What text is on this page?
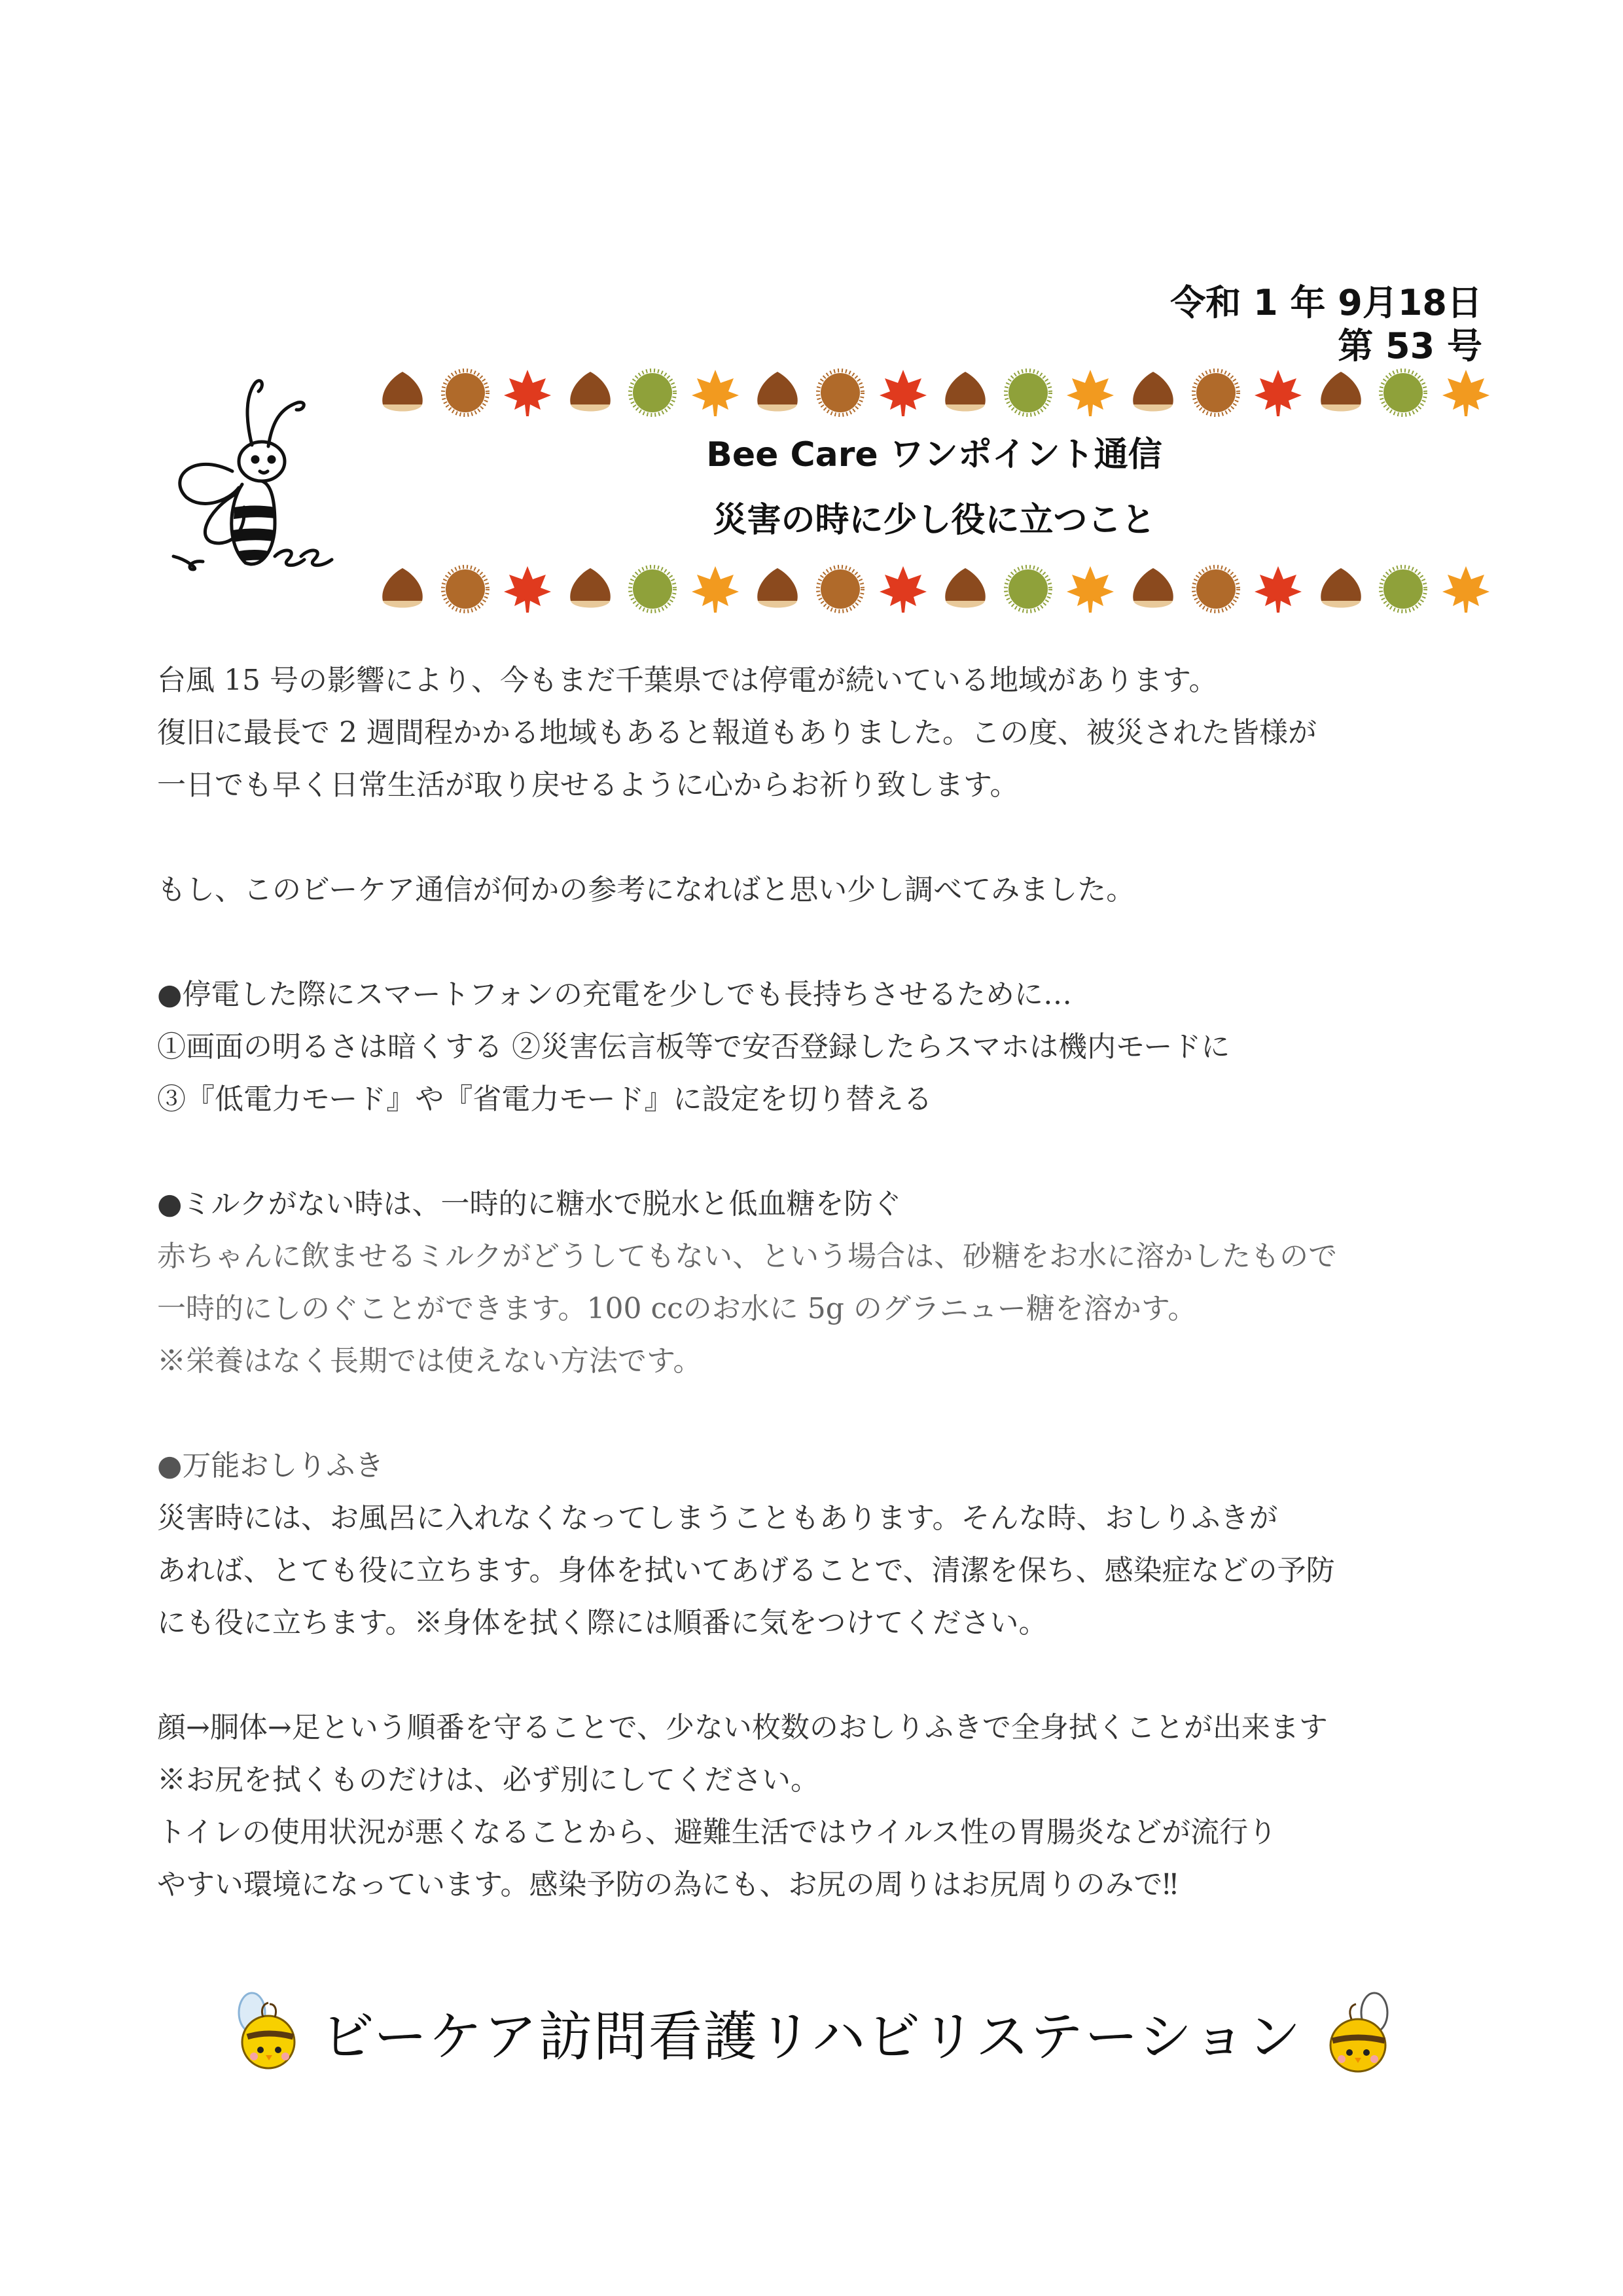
令和 1 年 9月18日
第 53 号
Bee Care ワンポイント通信
災害の時に少し役に立つこと
台風 15 号の影響により、今もまだ千葉県では停電が続いている地域があります。
復旧に最長で 2 週間程かかる地域もあると報道もありました。この度、被災された皆様が
一日でも早く日常生活が取り戻せるように心からお祈り致します。
もし、このビーケア通信が何かの参考になればと思い少し調べてみました。
●停電した際にスマートフォンの充電を少しでも長持ちさせるために…
①画面の明るさは暗くする ②災害伝言板等で安否登録したらスマホは機内モードに
③『低電力モード』や『省電力モード』に設定を切り替える
●ミルクがない時は、一時的に糖水で脱水と低血糖を防ぐ
赤ちゃんに飲ませるミルクがどうしてもない、という場合は、砂糖をお水に溶かしたもので
一時的にしのぐことができます。100 ccのお水に 5g のグラニュー糖を溶かす。
※栄養はなく長期では使えない方法です。
●万能おしりふき
災害時には、お風呂に入れなくなってしまうこともあります。そんな時、おしりふきが
あれば、とても役に立ちます。身体を拭いてあげることで、清潔を保ち、感染症などの予防
にも役に立ちます。※身体を拭く際には順番に気をつけてください。
顔→胴体→足という順番を守ることで、少ない枚数のおしりふきで全身拭くことが出来ます
※お尻を拭くものだけは、必ず別にしてください。
トイレの使用状況が悪くなることから、避難生活ではウイルス性の胃腸炎などが流行り
やすい環境になっています。感染予防の為にも、お尻の周りはお尻周りのみで‼
ビーケア訪問看護リハビリステーション
